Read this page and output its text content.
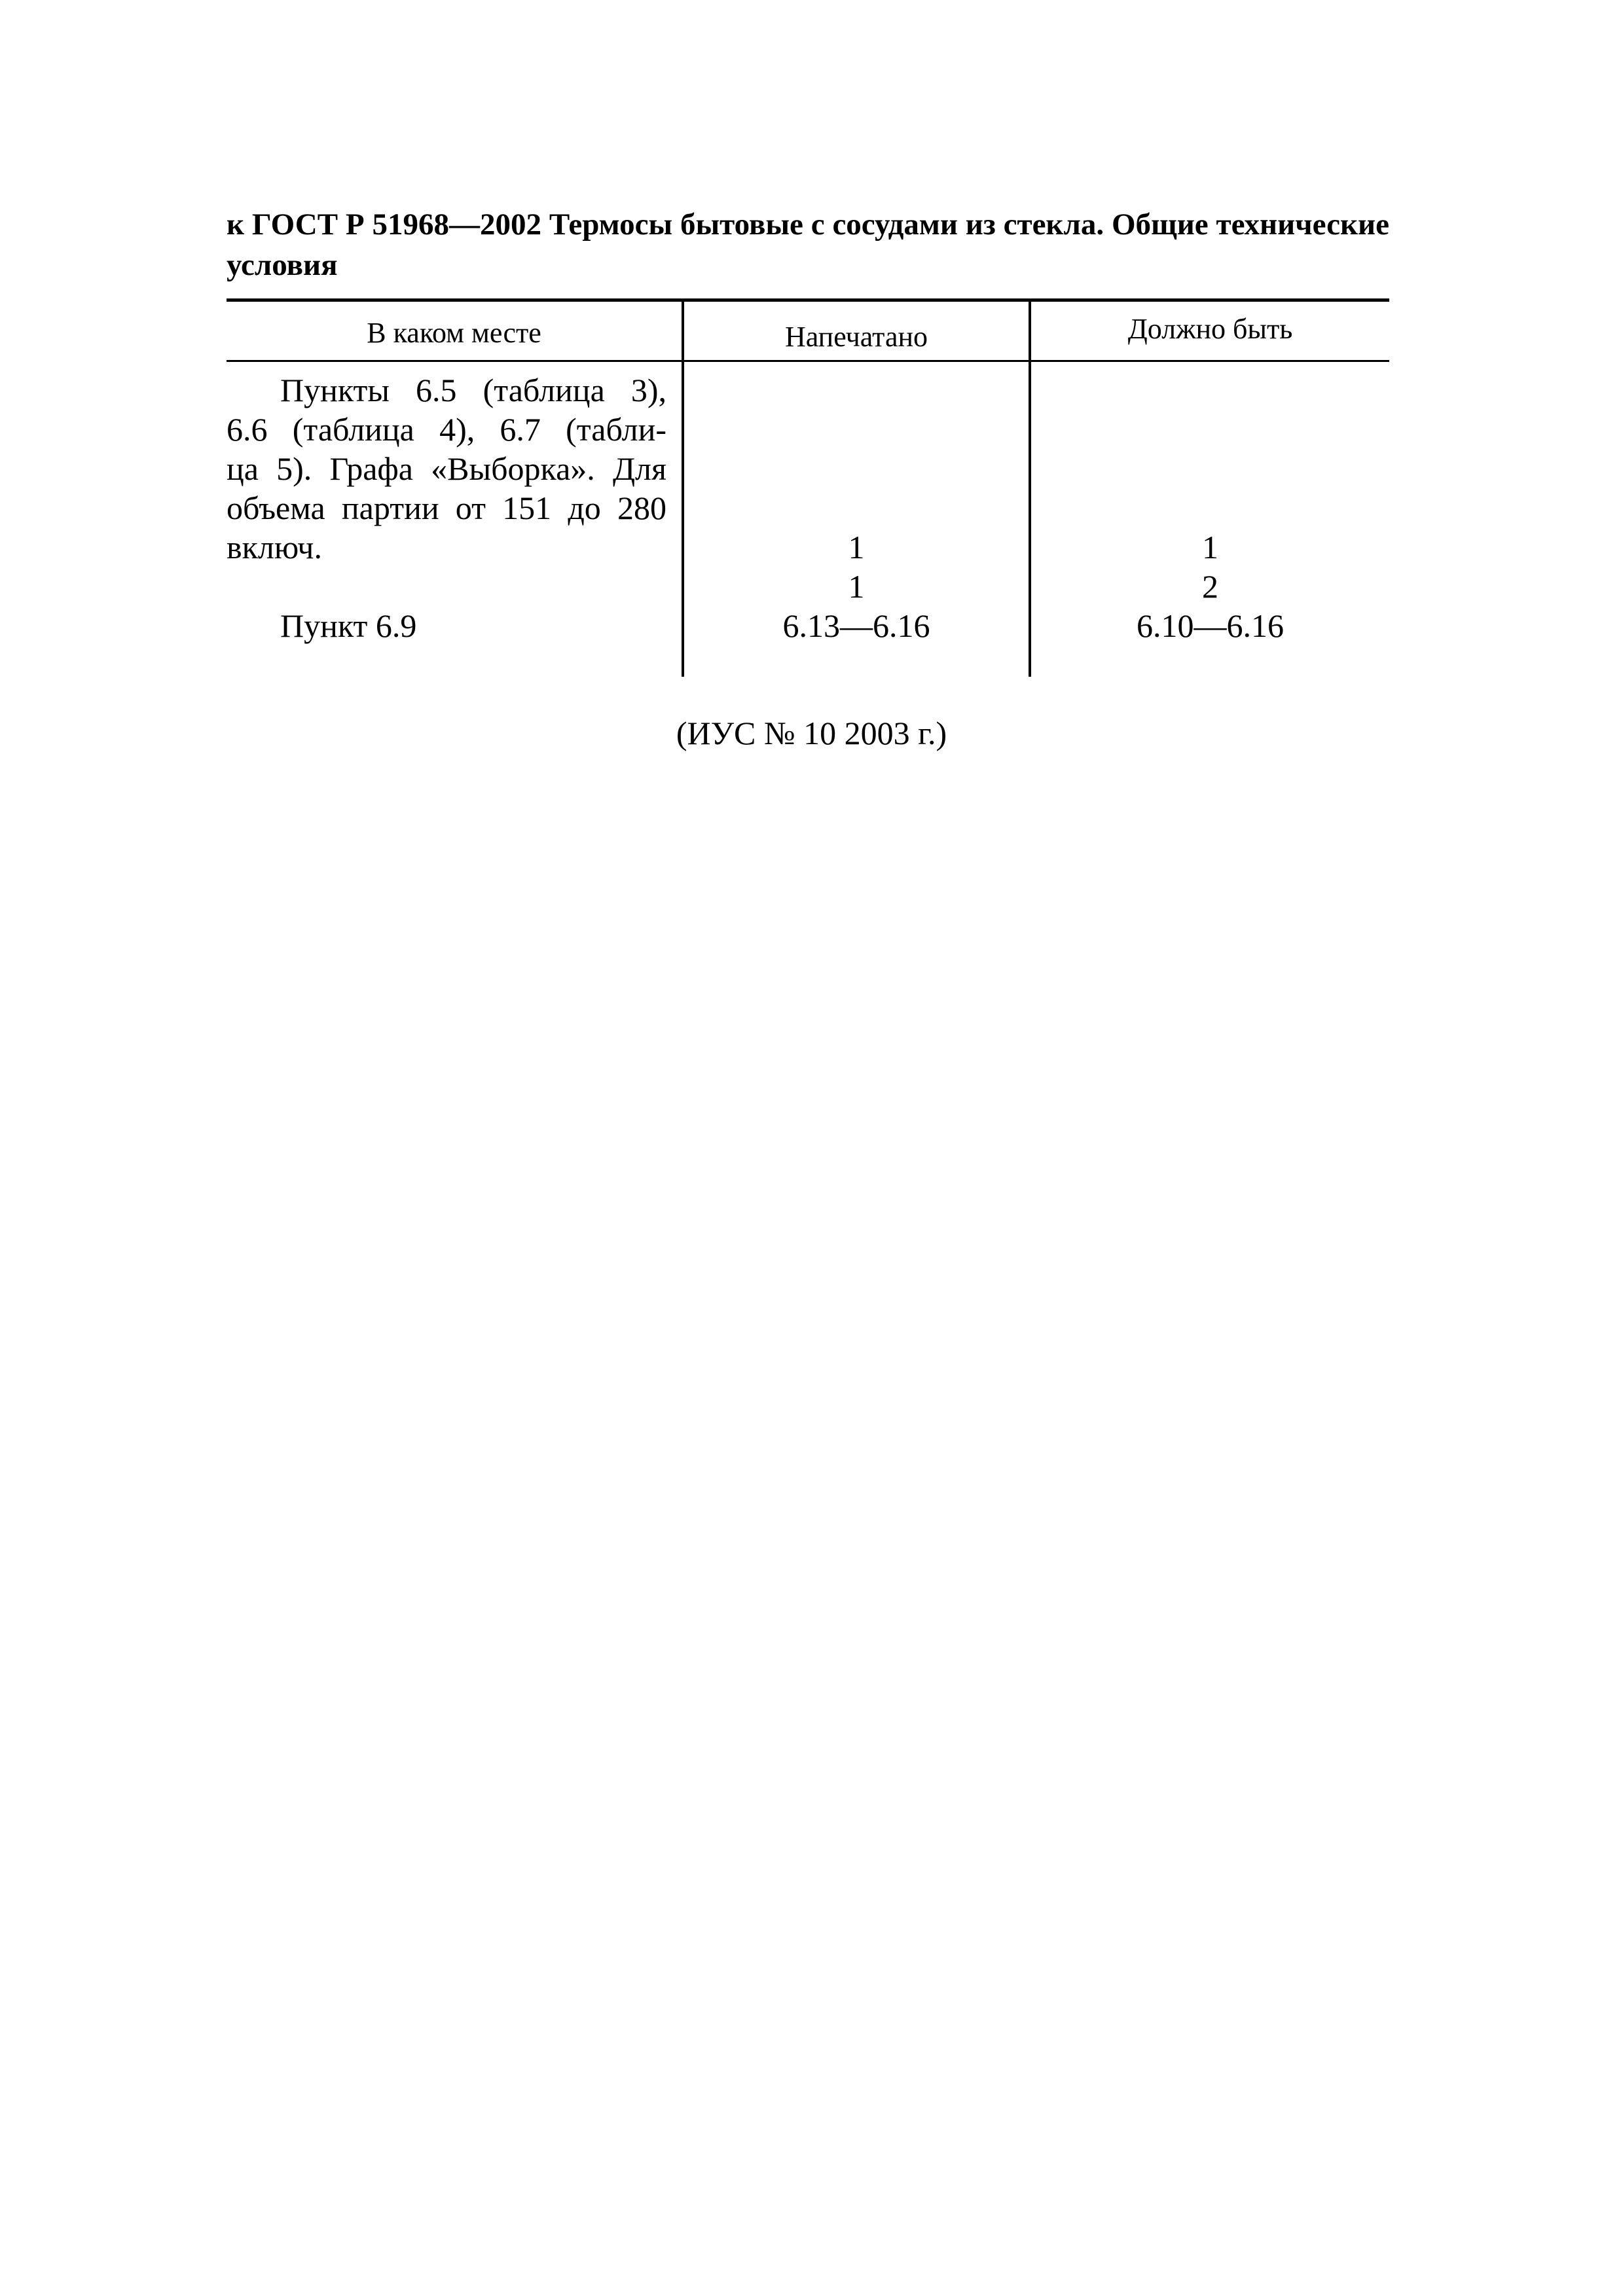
к ГОСТ Р 51968—2002 Термосы бытовые с сосудами из стекла. Общие технические условия
В каком месте	Напечатано	Должно быть
Пункты 6.5 (таблица 3),
6.6 (таблица 4), 6.7 (табли-
ца 5). Графа «Выборка». Для
объема партии от 151 до 280
включ.

Пункт 6.9
1
1
6.13—6.16
1
2
6.10—6.16
(ИУС № 10 2003 г.)
